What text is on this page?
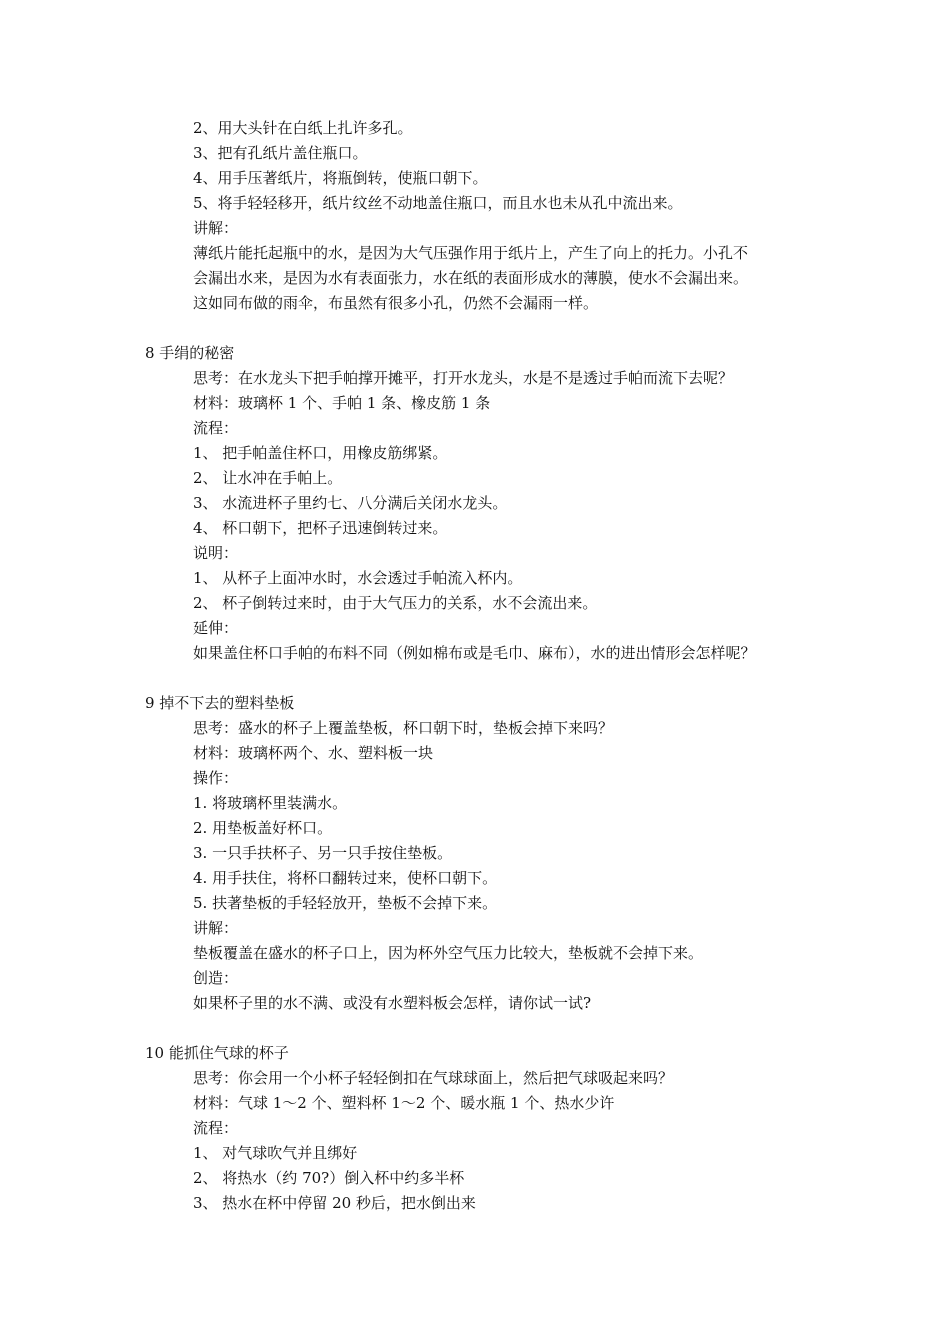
2、用大头针在白纸上扎许多孔。
3、把有孔纸片盖住瓶口。
4、用手压著纸片，将瓶倒转，使瓶口朝下。
5、将手轻轻移开，纸片纹丝不动地盖住瓶口，而且水也未从孔中流出来。
讲解：
薄纸片能托起瓶中的水，是因为大气压强作用于纸片上，产生了向上的托力。小孔不
会漏出水来，是因为水有表面张力，水在纸的表面形成水的薄膜，使水不会漏出来。
这如同布做的雨伞，布虽然有很多小孔，仍然不会漏雨一样。
8 手绢的秘密
思考：在水龙头下把手帕撑开摊平，打开水龙头，水是不是透过手帕而流下去呢？
材料：玻璃杯 1 个、手帕 1 条、橡皮筋 1 条
流程：
1、 把手帕盖住杯口，用橡皮筋绑紧。
2、 让水冲在手帕上。
3、 水流进杯子里约七、八分满后关闭水龙头。
4、 杯口朝下，把杯子迅速倒转过来。
说明：
1、 从杯子上面冲水时，水会透过手帕流入杯内。
2、 杯子倒转过来时，由于大气压力的关系，水不会流出来。
延伸：
如果盖住杯口手帕的布料不同（例如棉布或是毛巾、麻布），水的进出情形会怎样呢？
9 掉不下去的塑料垫板
思考：盛水的杯子上覆盖垫板，杯口朝下时，垫板会掉下来吗？
材料：玻璃杯两个、水、塑料板一块
操作：
1. 将玻璃杯里装满水。
2. 用垫板盖好杯口。
3. 一只手扶杯子、另一只手按住垫板。
4. 用手扶住，将杯口翻转过来，使杯口朝下。
5. 扶著垫板的手轻轻放开，垫板不会掉下来。
讲解：
垫板覆盖在盛水的杯子口上，因为杯外空气压力比较大，垫板就不会掉下来。
创造：
如果杯子里的水不满、或没有水塑料板会怎样，请你试一试?
10 能抓住气球的杯子
思考：你会用一个小杯子轻轻倒扣在气球球面上，然后把气球吸起来吗？
材料：气球 1～2 个、塑料杯 1～2 个、暖水瓶 1 个、热水少许
流程：
1、 对气球吹气并且绑好
2、 将热水（约 70?）倒入杯中约多半杯
3、 热水在杯中停留 20 秒后，把水倒出来
